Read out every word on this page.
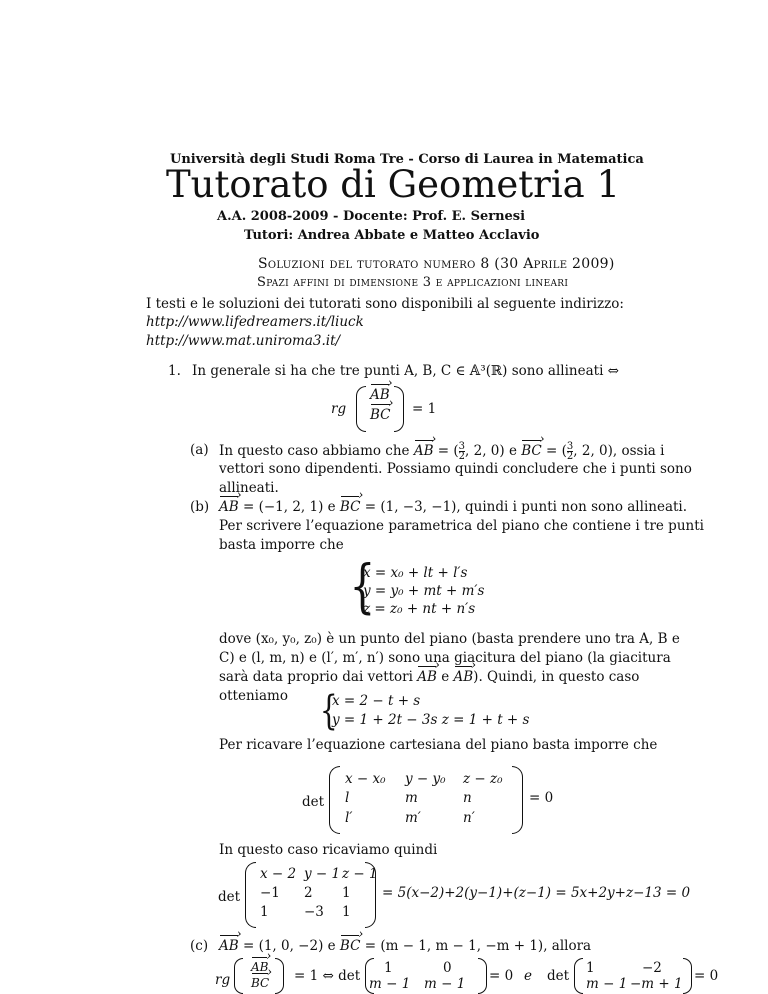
Università degli Studi Roma Tre - Corso di Laurea in Matematica
Tutorato di Geometria 1
A.A. 2008-2009 - Docente: Prof. E. Sernesi
Tutori: Andrea Abbate e Matteo Acclavio
Soluzioni del tutorato numero 8 (30 Aprile 2009)
Spazi affini di dimensione 3 e applicazioni lineari
I testi e le soluzioni dei tutorati sono disponibili al seguente indirizzo:
http://www.lifedreamers.it/liuck
http://www.mat.uniroma3.it/
1. In generale si ha che tre punti A, B, C ∈ 𝔸³(ℝ) sono allineati ⇔
rg
AB ›
BC › = 1
(a) In questo caso abbiamo che AB › = ( $\frac{3}{2}$ , 2, 0) e BC › = ( $\frac{3}{2}$ , 2, 0), ossia i
vettori sono dipendenti. Possiamo quindi concludere che i punti sono
allineati.
(b) AB › = (−1, 2, 1) e BC › = (1, −3, −1), quindi i punti non sono allineati.
Per scrivere l’equazione parametrica del piano che contiene i tre punti
basta imporre che
{
x = x₀ + lt + l′s
y = y₀ + mt + m′s
z = z₀ + nt + n′s
dove (x₀, y₀, z₀) è un punto del piano (basta prendere uno tra A, B e
C) e (l, m, n) e (l′, m′, n′) sono una giacitura del piano (la giacitura
sarà data proprio dai vettori AB › e AB ›). Quindi, in questo caso
otteniamo {
x = 2 − t + s
y = 1 + 2t − 3s z = 1 + t + s
Per ricavare l’equazione cartesiana del piano basta imporre che
det
x − x₀ y − y₀ z − z₀
l	m	n
l′	m′	n′
= 0
In questo caso ricaviamo quindi
det
x − 2 y − 1 z − 1
−1 2 1
1	−3 1
= 5(x−2)+2(y−1)+(z−1) = 5x+2y+z−13 = 0
(c) AB › = (1, 0, −2) e BC › = (m − 1, m − 1, −m + 1), allora
rg
AB ›
BC › = 1 ⇔ det 1	0
m − 1 m − 1 = 0 e det 1	−2
m − 1 −m + 1 = 0
